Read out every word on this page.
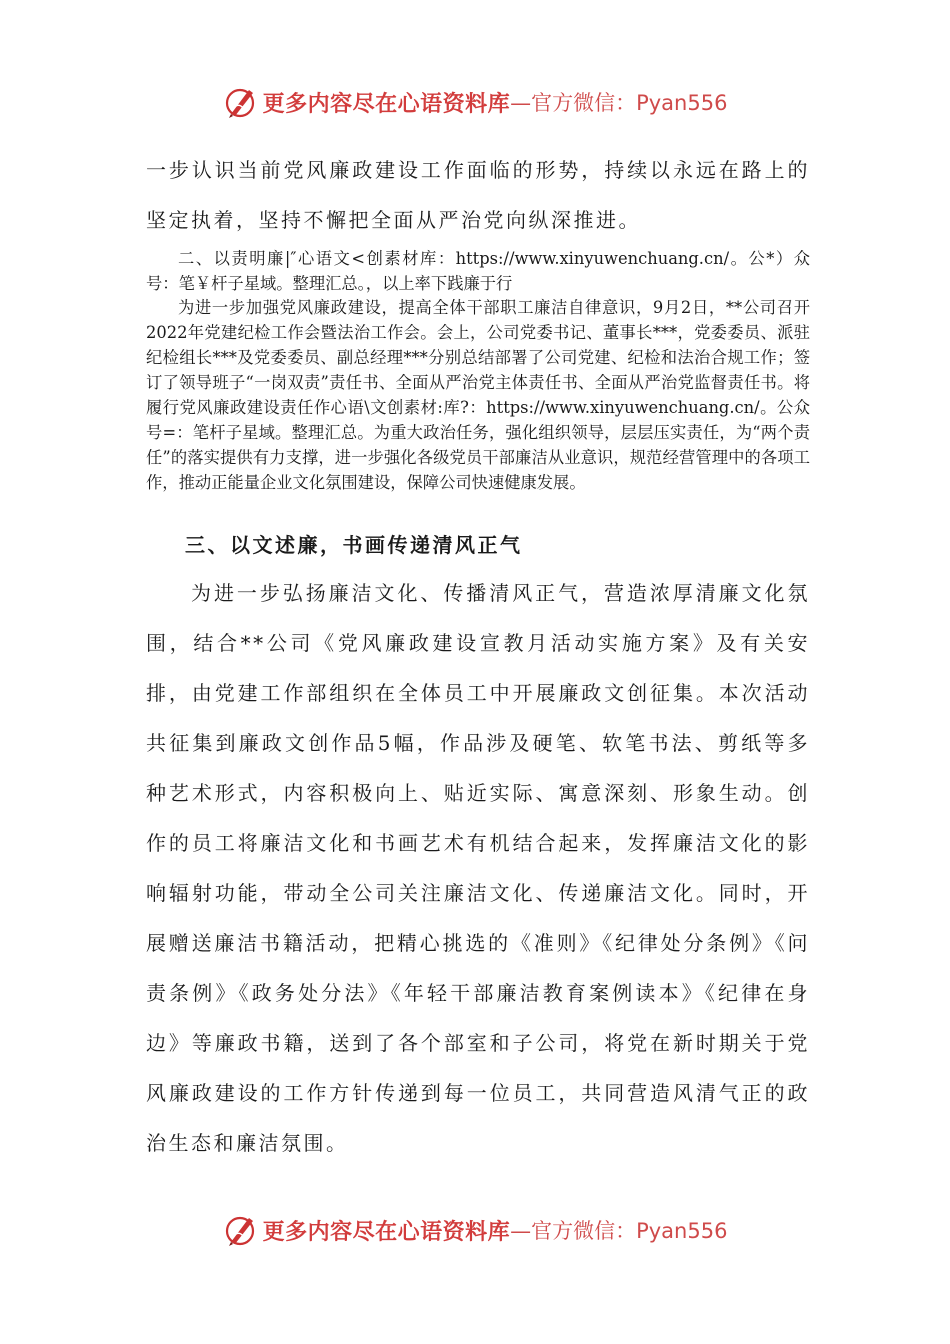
更多内容尽在心语资料库 —官方微信：Pyan556

一步认识当前党风廉政建设工作面临的形势，持续以永远在路上的坚定执着，坚持不懈把全面从严治党向纵深推进。

二、以责明廉|″心语文<创素材库：https://www.xinyuwenchuang.cn/。公*）众号：笔￥杆子星域。整理汇总。，以上率下践廉于行

为进一步加强党风廉政建设，提高全体干部职工廉洁自律意识，9月2日，**公司召开2022年党建纪检工作会暨法治工作会。会上，公司党委书记、董事长***，党委委员、派驻纪检组长***及党委委员、副总经理***分别总结部署了公司党建、纪检和法治合规工作；签订了领导班子“一岗双责”责任书、全面从严治党主体责任书、全面从严治党监督责任书。将履行党风廉政建设责任作心语\文创素材:库?：https://www.xinyuwenchuang.cn/。公众号=：笔杆子星域。整理汇总。为重大政治任务，强化组织领导，层层压实责任，为“两个责任”的落实提供有力支撑，进一步强化各级党员干部廉洁从业意识，规范经营管理中的各项工作，推动正能量企业文化氛围建设，保障公司快速健康发展。

三、以文述廉，书画传递清风正气

为进一步弘扬廉洁文化、传播清风正气，营造浓厚清廉文化氛围，结合**公司《党风廉政建设宣教月活动实施方案》及有关安排，由党建工作部组织在全体员工中开展廉政文创征集。本次活动共征集到廉政文创作品5幅，作品涉及硬笔、软笔书法、剪纸等多种艺术形式，内容积极向上、贴近实际、寓意深刻、形象生动。创作的员工将廉洁文化和书画艺术有机结合起来，发挥廉洁文化的影响辐射功能，带动全公司关注廉洁文化、传递廉洁文化。同时，开展赠送廉洁书籍活动，把精心挑选的《准则》《纪律处分条例》《问责条例》《政务处分法》《年轻干部廉洁教育案例读本》《纪律在身边》等廉政书籍，送到了各个部室和子公司，将党在新时期关于党风廉政建设的工作方针传递到每一位员工，共同营造风清气正的政治生态和廉洁氛围。

更多内容尽在心语资料库 —官方微信：Pyan556
